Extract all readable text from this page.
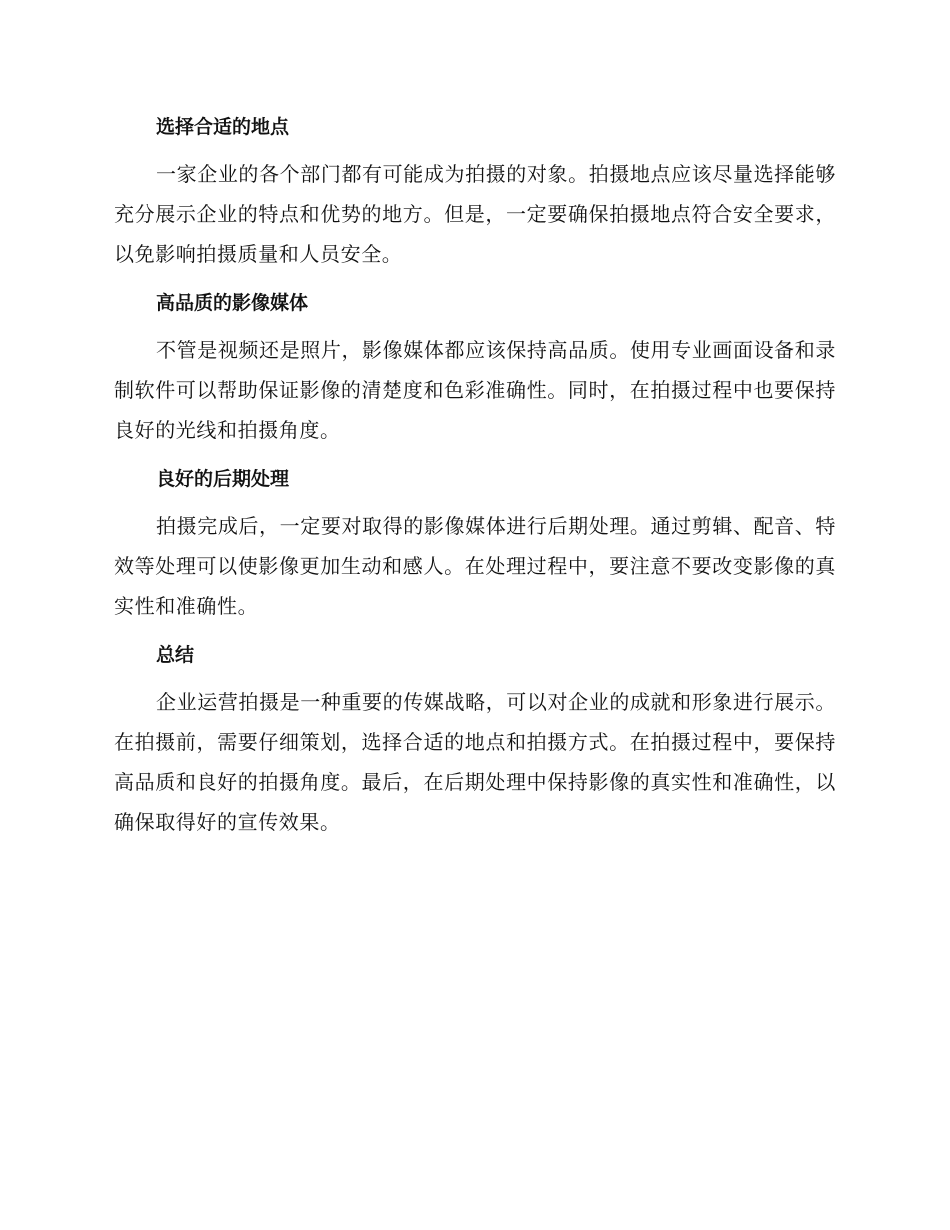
选择合适的地点

一家企业的各个部门都有可能成为拍摄的对象。拍摄地点应该尽量选择能够充分展示企业的特点和优势的地方。但是，一定要确保拍摄地点符合安全要求，以免影响拍摄质量和人员安全。

高品质的影像媒体

不管是视频还是照片，影像媒体都应该保持高品质。使用专业画面设备和录制软件可以帮助保证影像的清楚度和色彩准确性。同时，在拍摄过程中也要保持良好的光线和拍摄角度。

良好的后期处理

拍摄完成后，一定要对取得的影像媒体进行后期处理。通过剪辑、配音、特效等处理可以使影像更加生动和感人。在处理过程中，要注意不要改变影像的真实性和准确性。

总结

企业运营拍摄是一种重要的传媒战略，可以对企业的成就和形象进行展示。在拍摄前，需要仔细策划，选择合适的地点和拍摄方式。在拍摄过程中，要保持高品质和良好的拍摄角度。最后，在后期处理中保持影像的真实性和准确性，以确保取得好的宣传效果。
